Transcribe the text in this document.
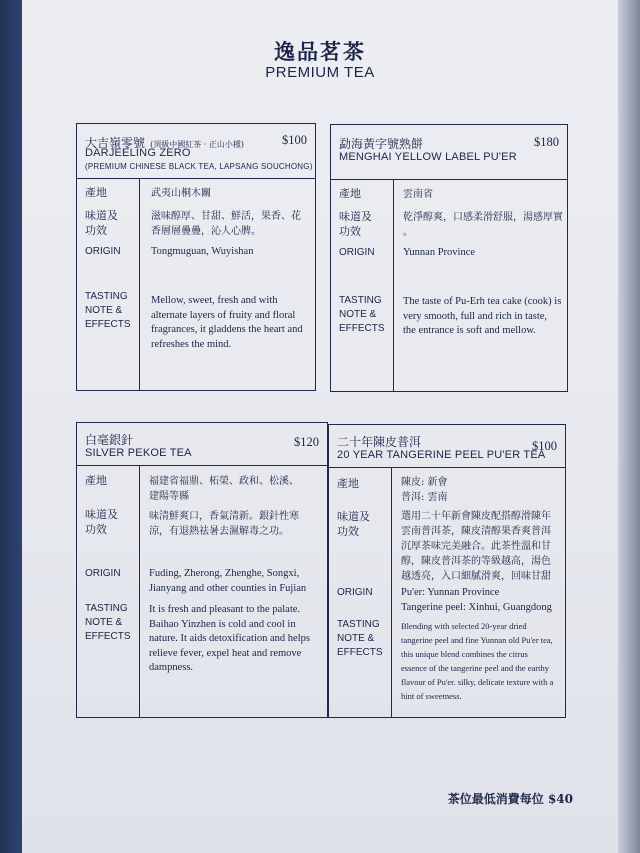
逸品茗茶
PREMIUM TEA
大吉嶺零號 (頂級中國紅茶 · 正山小種)
DARJEELING ZERO
(PREMIUM CHINESE BLACK TEA, LAPSANG SOUCHONG)
$100
產地
味道及
功效
ORIGIN
TASTING
NOTE &
EFFECTS
武夷山桐木關
滋味醇厚、甘甜、鮮活，果香、花
香層層疊疊，沁人心脾。
Tongmuguan, Wuyishan
Mellow, sweet, fresh and with
alternate layers of fruity and floral
fragrances, it gladdens the heart and
refreshes the mind.
勐海黃字號熟餅
MENGHAI YELLOW LABEL PU'ER
$180
產地
味道及
功效
ORIGIN
TASTING
NOTE &
EFFECTS
雲南省
乾淨醇爽，口感柔滑舒服，湯感厚實
。
Yunnan Province
The taste of Pu-Erh tea cake (cook) is
very smooth, full and rich in taste,
the entrance is soft and mellow.
白毫銀針
SILVER PEKOE TEA
$120
產地
味道及
功效
ORIGIN
TASTING
NOTE &
EFFECTS
福建省福鼎、柘榮、政和、松溪、
建陽等縣
味清鮮爽口，香氣清新。銀針性寒
涼，有退熱祛暑去濕解毒之功。
Fuding, Zherong, Zhenghe, Songxi,
Jianyang and other counties in Fujian
It is fresh and pleasant to the palate.
Baihao Yinzhen is cold and cool in
nature. It aids detoxification and helps
relieve fever, expel heat and remove
dampness.
二十年陳皮普洱
20 YEAR TANGERINE PEEL PU'ER TEA
$100
產地
味道及
功效
ORIGIN
TASTING
NOTE &
EFFECTS
陳皮: 新會
普洱: 雲南
選用二十年新會陳皮配搭醇滑陳年
雲南普洱茶，陳皮清醇果香爽普洱
沉厚茶味完美融合。此茶性溫和甘
醇，陳皮普洱茶的等級越高，湯色
越透亮，入口細膩滑爽，回味甘甜
Pu'er: Yunnan Province
Tangerine peel: Xinhui, Guangdong
Blending with selected 20-year dried
tangerine peel and fine Yunnan old Pu'er tea,
this unique blend combines the citrus
essence of the tangerine peel and the earthy
flavour of Pu'er. silky, delicate texture with a
hint of sweetness.
茶位最低消費每位 $40
